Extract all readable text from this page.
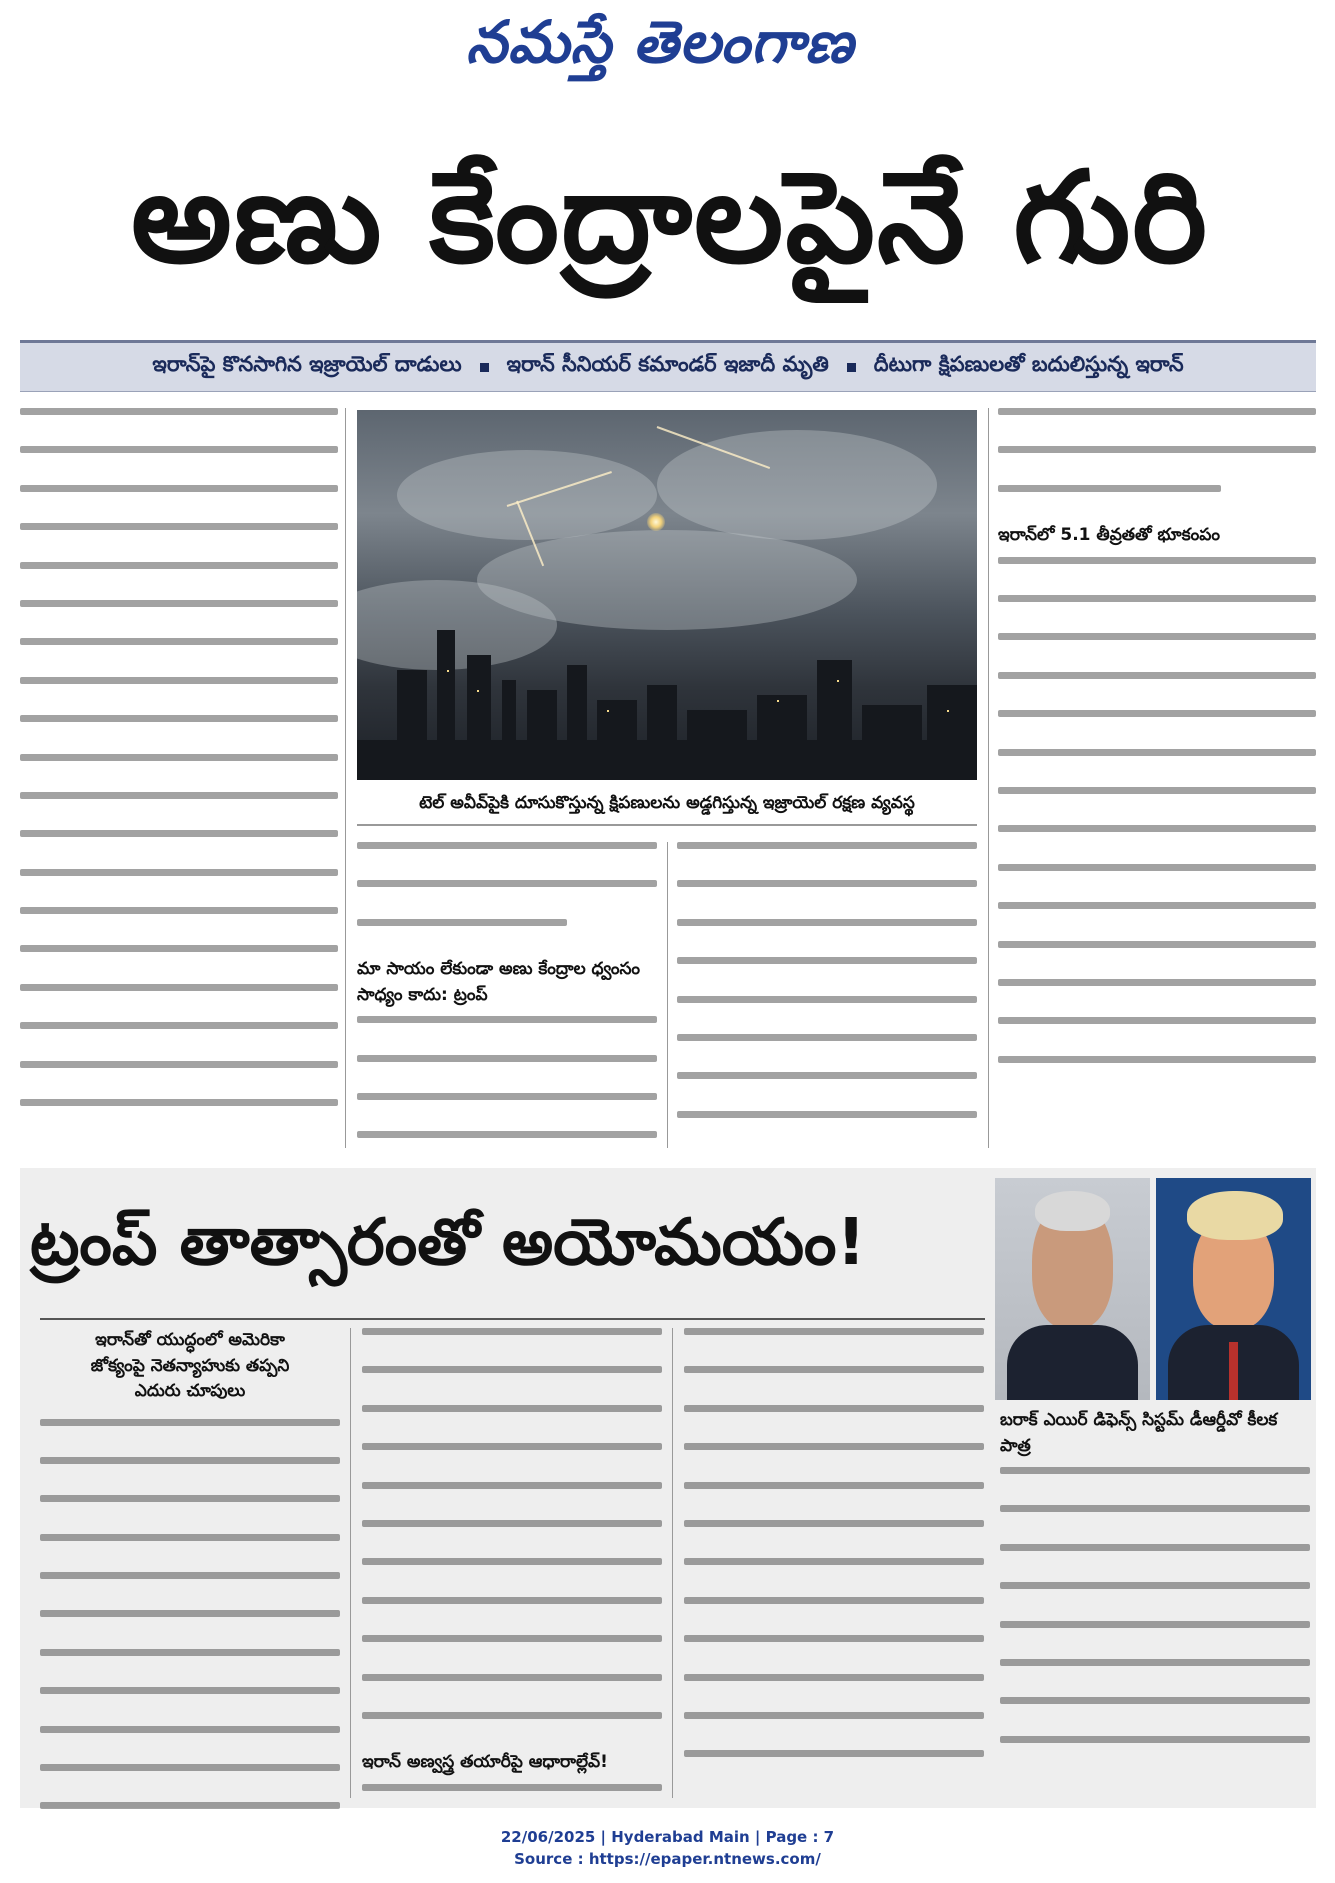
నమస్తే తెలంగాణ
అణు కేంద్రాలపైనే గురి
ఇరాన్‌పై కొనసాగిన ఇజ్రాయెల్ దాడులు ఇరాన్ సీనియర్ కమాండర్ ఇజాదీ మృతి దీటుగా క్షిపణులతో బదులిస్తున్న ఇరాన్
టెల్ అవీవ్‌పైకి దూసుకొస్తున్న క్షిపణులను అడ్డగిస్తున్న ఇజ్రాయెల్ రక్షణ వ్యవస్థ
మా సాయం లేకుండా అణు కేంద్రాల ధ్వంసం సాధ్యం కాదు: ట్రంప్
ఇరాన్‌లో 5.1 తీవ్రతతో భూకంపం
ట్రంప్ తాత్సారంతో అయోమయం!
ఇరాన్‌తో యుద్ధంలో అమెరికా జోక్యంపై నెతన్యాహుకు తప్పని ఎదురు చూపులు
ఇరాన్ అణ్వస్త్ర తయారీపై ఆధారాల్లేవ్!
బరాక్ ఎయిర్ డిఫెన్స్ సిస్టమ్ డీఆర్డీవో కీలక పాత్ర
22/06/2025 | Hyderabad Main | Page : 7
Source : https://epaper.ntnews.com/
